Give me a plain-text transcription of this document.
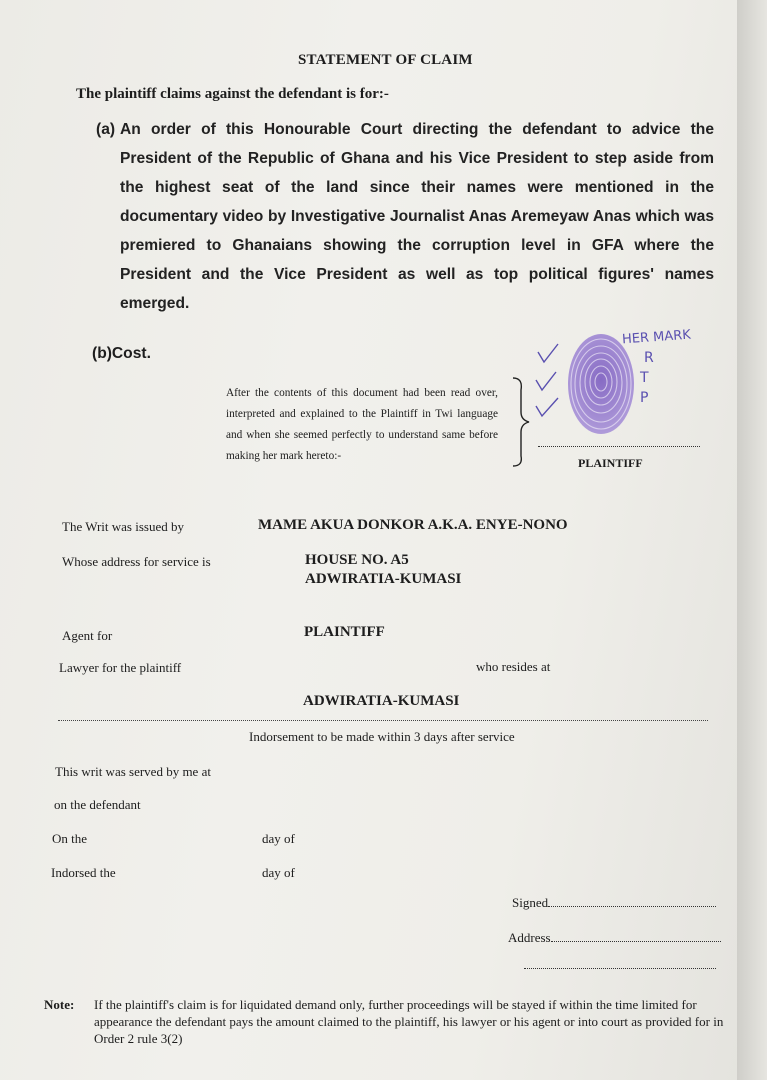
STATEMENT OF CLAIM
The plaintiff claims against the defendant is for:-
(a) An order of this Honourable Court directing the defendant to advice the President of the Republic of Ghana and his Vice President to step aside from the highest seat of the land since their names were mentioned in the documentary video by Investigative Journalist Anas Aremeyaw Anas which was premiered to Ghanaians showing the corruption level in GFA where the President and the Vice President as well as top political figures' names emerged.
(b)Cost.
After the contents of this document had been read over, interpreted and explained to the Plaintiff in Twi language and when she seemed perfectly to understand same before making her mark hereto:-
HER MARK
R
T
P
PLAINTIFF
The Writ was issued by	MAME AKUA DONKOR A.K.A. ENYE-NONO
Whose address for service is	HOUSE NO. A5
ADWIRATIA-KUMASI
Agent for	PLAINTIFF
Lawyer for the plaintiff	who resides at
ADWIRATIA-KUMASI
Indorsement to be made within 3 days after service
This writ was served by me at
on the defendant
On the	day of
Indorsed the	day of
Signed
Address
Note:	If the plaintiff's claim is for liquidated demand only, further proceedings will be stayed if within the time limited for appearance the defendant pays the amount claimed to the plaintiff, his lawyer or his agent or into court as provided for in Order 2 rule 3(2)
